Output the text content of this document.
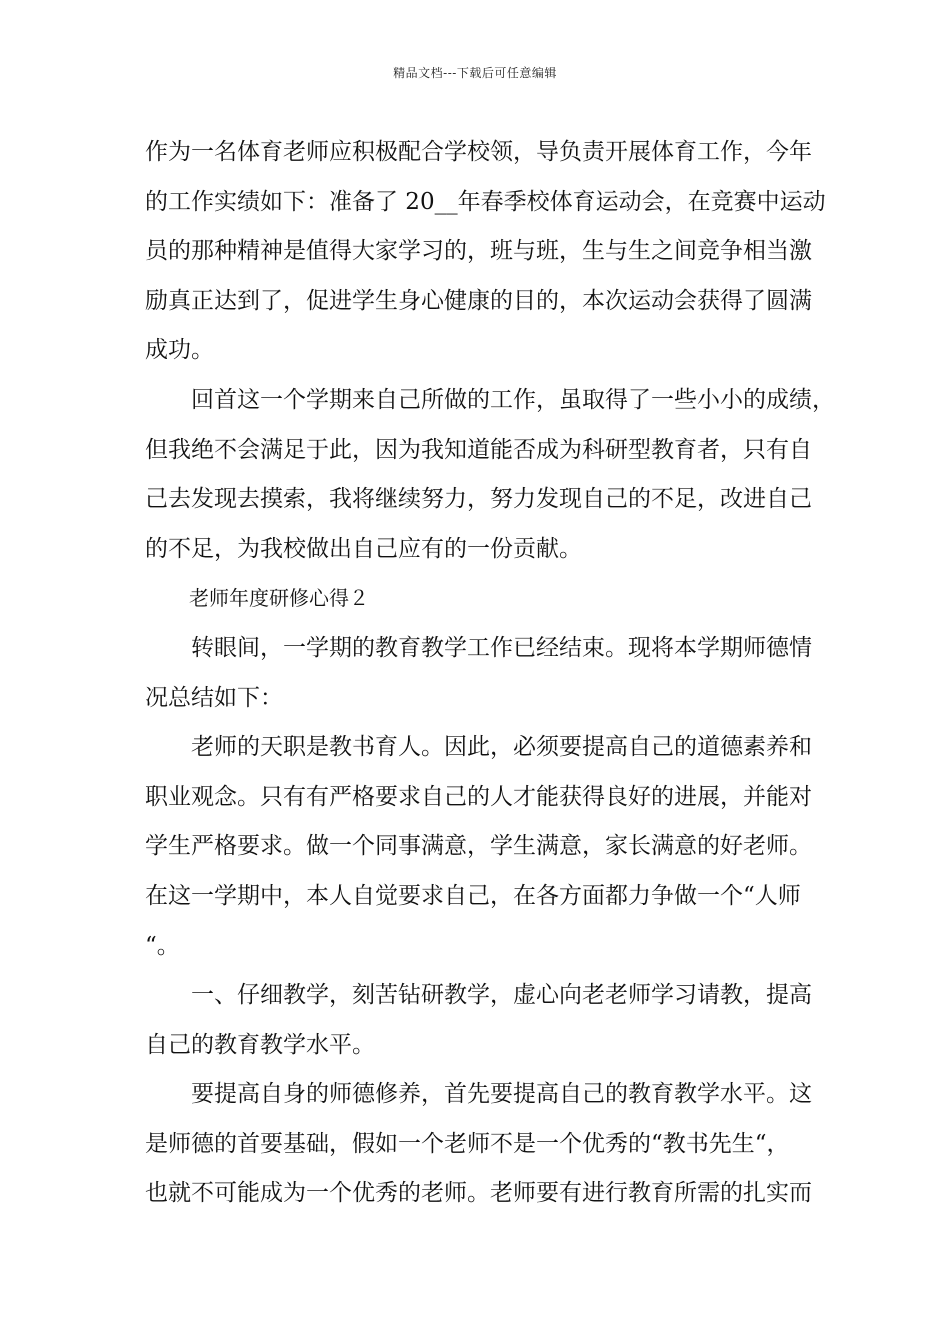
精品文档---下载后可任意编辑

作为一名体育老师应积极配合学校领，导负责开展体育工作，今年
的工作实绩如下：准备了 20__年春季校体育运动会，在竞赛中运动
员的那种精神是值得大家学习的，班与班，生与生之间竞争相当激
励真正达到了，促进学生身心健康的目的，本次运动会获得了圆满
成功。

回首这一个学期来自己所做的工作，虽取得了一些小小的成绩，
但我绝不会满足于此，因为我知道能否成为科研型教育者，只有自
己去发现去摸索，我将继续努力，努力发现自己的不足，改进自己
的不足，为我校做出自己应有的一份贡献。

老师年度研修心得２

转眼间，一学期的教育教学工作已经结束。现将本学期师德情
况总结如下：

老师的天职是教书育人。因此，必须要提高自己的道德素养和
职业观念。只有有严格要求自己的人才能获得良好的进展，并能对
学生严格要求。做一个同事满意，学生满意，家长满意的好老师。
在这一学期中，本人自觉要求自己，在各方面都力争做一个“人师
“。

一、仔细教学，刻苦钻研教学，虚心向老老师学习请教，提高
自己的教育教学水平。

要提高自身的师德修养，首先要提高自己的教育教学水平。这
是师德的首要基础，假如一个老师不是一个优秀的“教书先生“，
也就不可能成为一个优秀的老师。老师要有进行教育所需的扎实而
